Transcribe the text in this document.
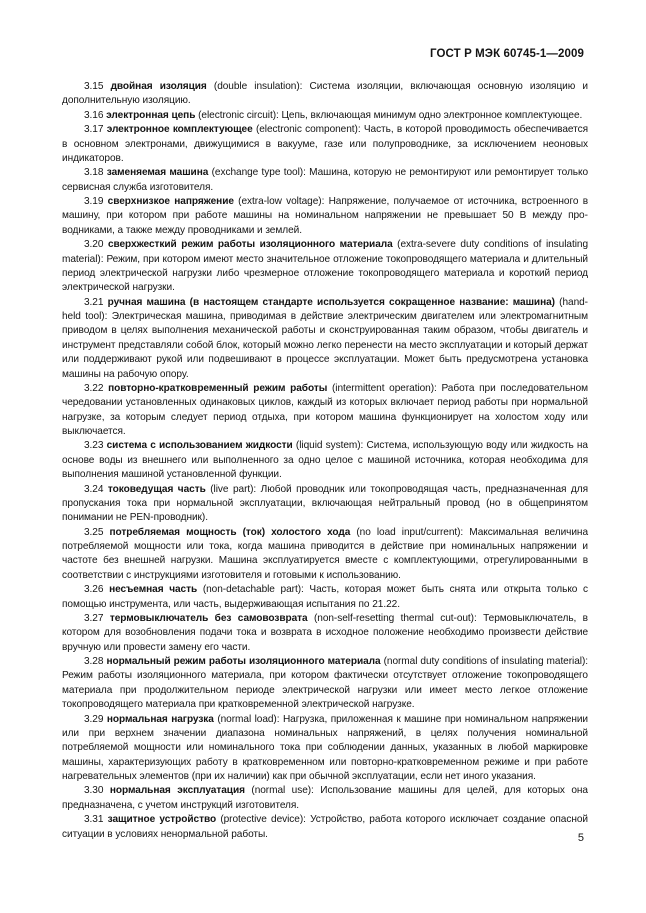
ГОСТ Р МЭК 60745-1—2009

3.15 двойная изоляция (double insulation): Система изоляции, включающая основную изоляцию и дополнительную изоляцию.

3.16 электронная цепь (electronic circuit): Цепь, включающая минимум одно электронное комплектующее.

3.17 электронное комплектующее (electronic component): Часть, в которой проводимость обеспечивается в основном электронами, движущимися в вакууме, газе или полупроводнике, за исключением неоновых индикаторов.

3.18 заменяемая машина (exchange type tool): Машина, которую не ремонтируют или ремонтирует только сервисная служба изготовителя.

3.19 сверхнизкое напряжение (extra-low voltage): Напряжение, получаемое от источника, встроенного в машину, при котором при работе машины на номинальном напряжении не превышает 50 В между проводниками, а также между проводниками и землей.

3.20 сверхжесткий режим работы изоляционного материала (extra-severe duty conditions of insulating material): Режим, при котором имеют место значительное отложение токопроводящего материала и длительный период электрической нагрузки либо чрезмерное отложение токопроводящего материала и короткий период электрической нагрузки.

3.21 ручная машина (в настоящем стандарте используется сокращенное название: машина) (hand-held tool): Электрическая машина, приводимая в действие электрическим двигателем или электромагнитным приводом в целях выполнения механической работы и сконструированная таким образом, чтобы двигатель и инструмент представляли собой блок, который можно легко перенести на место эксплуатации и который держат или поддерживают рукой или подвешивают в процессе эксплуатации. Может быть предусмотрена установка машины на рабочую опору.

3.22 повторно-кратковременный режим работы (intermittent operation): Работа при последовательном чередовании установленных одинаковых циклов, каждый из которых включает период работы при нормальной нагрузке, за которым следует период отдыха, при котором машина функционирует на холостом ходу или выключается.

3.23 система с использованием жидкости (liquid system): Система, использующую воду или жидкость на основе воды из внешнего или выполненного за одно целое с машиной источника, которая необходима для выполнения машиной установленной функции.

3.24 токоведущая часть (live part): Любой проводник или токопроводящая часть, предназначенная для пропускания тока при нормальной эксплуатации, включающая нейтральный провод (но в общепринятом понимании не PEN-проводник).

3.25 потребляемая мощность (ток) холостого хода (no load input/current): Максимальная величина потребляемой мощности или тока, когда машина приводится в действие при номинальных напряжении и частоте без внешней нагрузки. Машина эксплуатируется вместе с комплектующими, отрегулированными в соответствии с инструкциями изготовителя и готовыми к использованию.

3.26 несъемная часть (non-detachable part): Часть, которая может быть снята или открыта только с помощью инструмента, или часть, выдерживающая испытания по 21.22.

3.27 термовыключатель без самовозврата (non-self-resetting thermal cut-out): Термовыключатель, в котором для возобновления подачи тока и возврата в исходное положение необходимо произвести действие вручную или провести замену его части.

3.28 нормальный режим работы изоляционного материала (normal duty conditions of insulating material): Режим работы изоляционного материала, при котором фактически отсутствует отложение токопроводящего материала при продолжительном периоде электрической нагрузки или имеет место легкое отложение токопроводящего материала при кратковременной электрической нагрузке.

3.29 нормальная нагрузка (normal load): Нагрузка, приложенная к машине при номинальном напряжении или при верхнем значении диапазона номинальных напряжений, в целях получения номинальной потребляемой мощности или номинального тока при соблюдении данных, указанных в любой маркировке машины, характеризующих работу в кратковременном или повторно-кратковременном режиме и при работе нагревательных элементов (при их наличии) как при обычной эксплуатации, если нет иного указания.

3.30 нормальная эксплуатация (normal use): Использование машины для целей, для которых она предназначена, с учетом инструкций изготовителя.

3.31 защитное устройство (protective device): Устройство, работа которого исключает создание опасной ситуации в условиях ненормальной работы.	5
